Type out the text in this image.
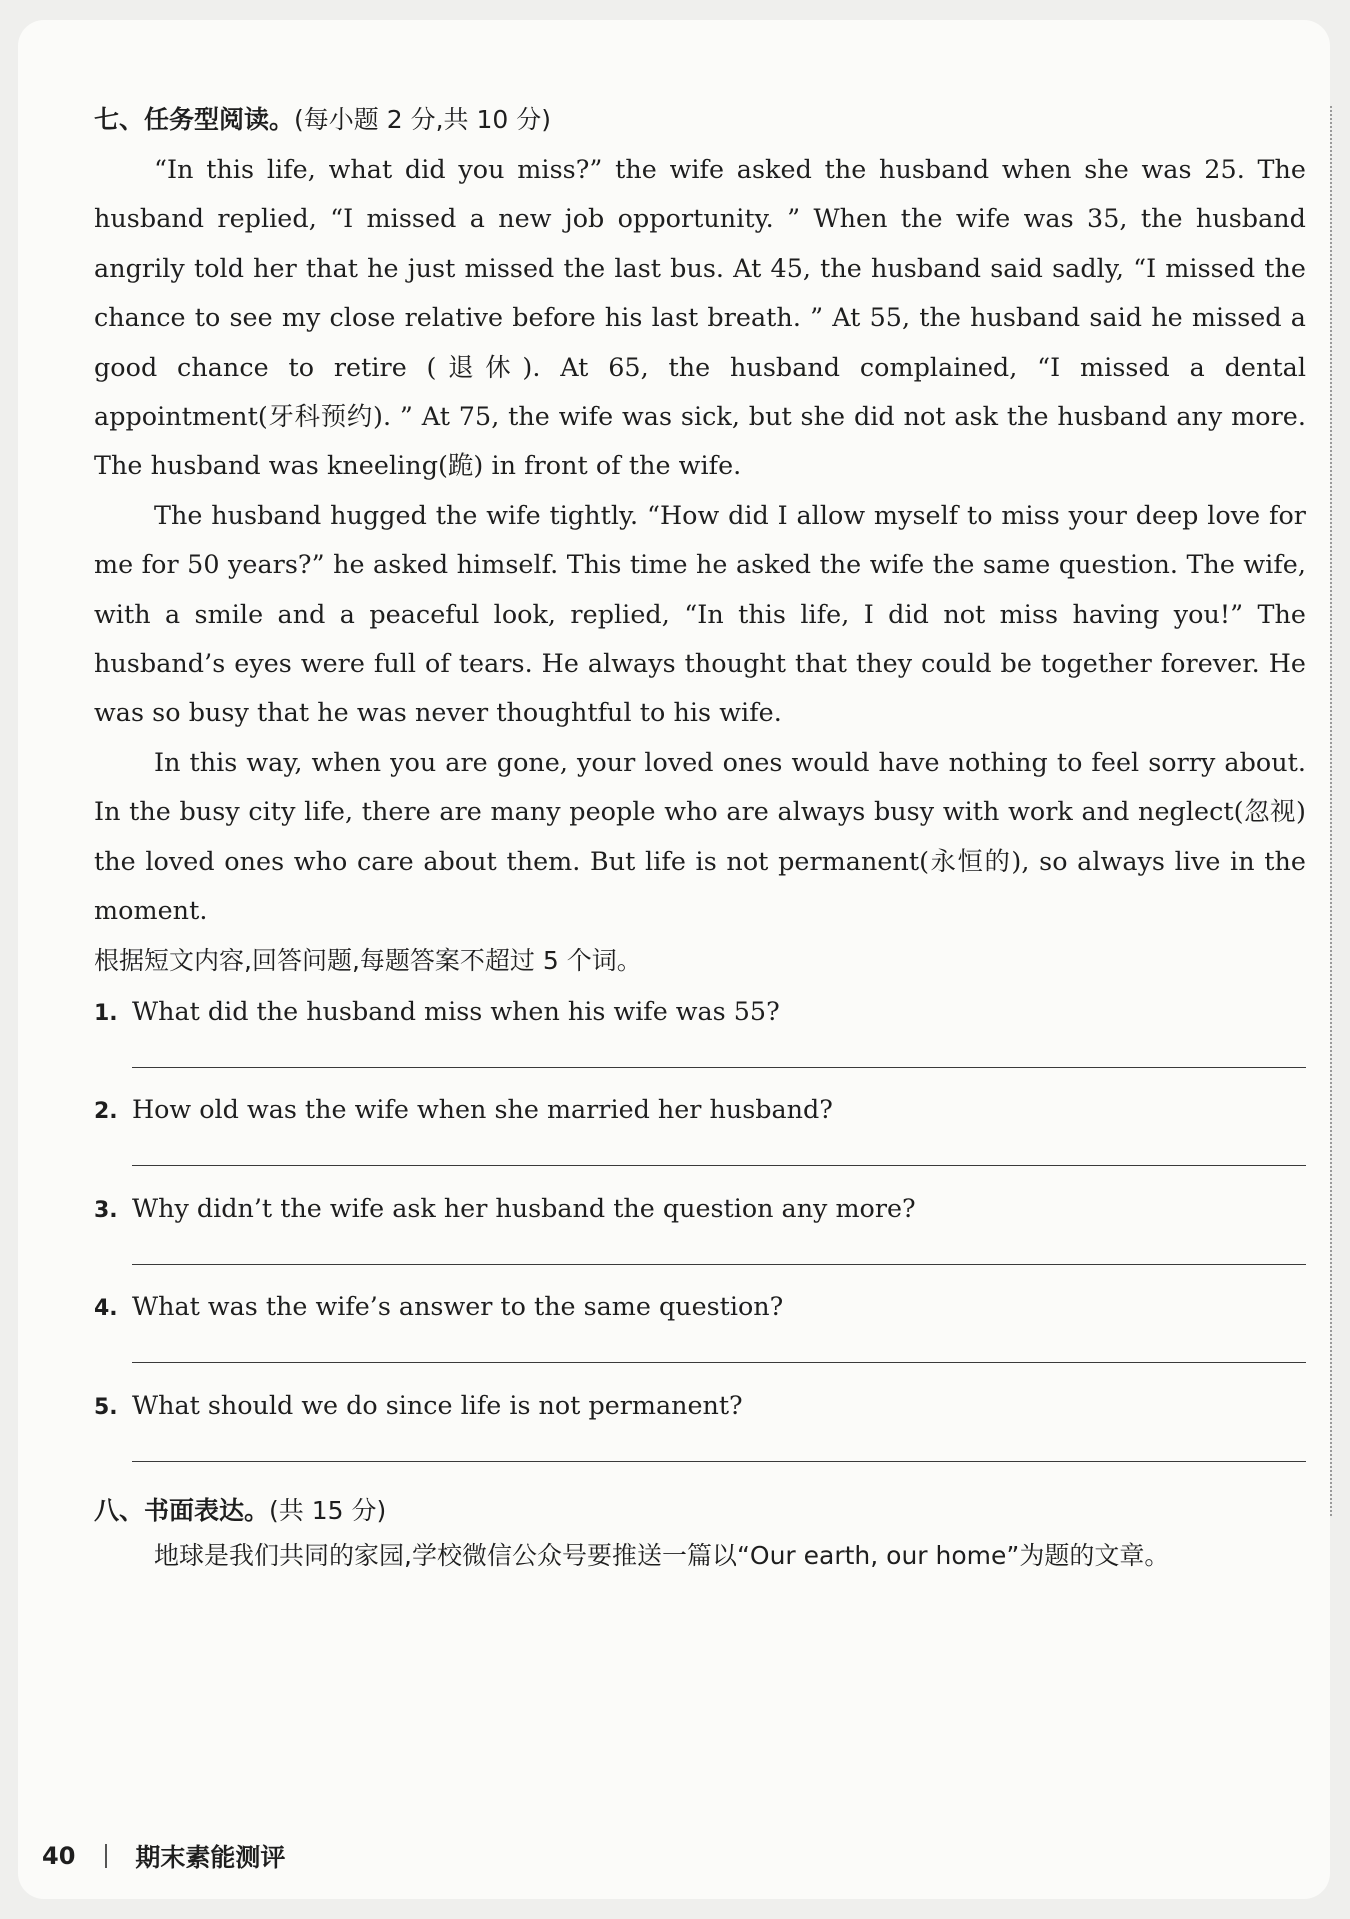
七、任务型阅读。(每小题 2 分,共 10 分)

“In this life, what did you miss?” the wife asked the husband when she was 25. The husband replied, “I missed a new job opportunity. ” When the wife was 35, the husband angrily told her that he just missed the last bus. At 45, the husband said sadly, “I missed the chance to see my close relative before his last breath. ” At 55, the husband said he missed a good chance to retire (退休). At 65, the husband complained, “I missed a dental appointment(牙科预约). ” At 75, the wife was sick, but she did not ask the husband any more. The husband was kneeling(跪) in front of the wife.

The husband hugged the wife tightly. “How did I allow myself to miss your deep love for me for 50 years?” he asked himself. This time he asked the wife the same question. The wife, with a smile and a peaceful look, replied, “In this life, I did not miss having you!” The husband’s eyes were full of tears. He always thought that they could be together forever. He was so busy that he was never thoughtful to his wife.

In this way, when you are gone, your loved ones would have nothing to feel sorry about. In the busy city life, there are many people who are always busy with work and neglect(忽视) the loved ones who care about them. But life is not permanent(永恒的), so always live in the moment.

根据短文内容,回答问题,每题答案不超过 5 个词。
1. What did the husband miss when his wife was 55?
2. How old was the wife when she married her husband?
3. Why didn’t the wife ask her husband the question any more?
4. What was the wife’s answer to the same question?
5. What should we do since life is not permanent?
八、书面表达。(共 15 分)
地球是我们共同的家园,学校微信公众号要推送一篇以“Our earth, our home”为题的文章。
40 期末素能测评
